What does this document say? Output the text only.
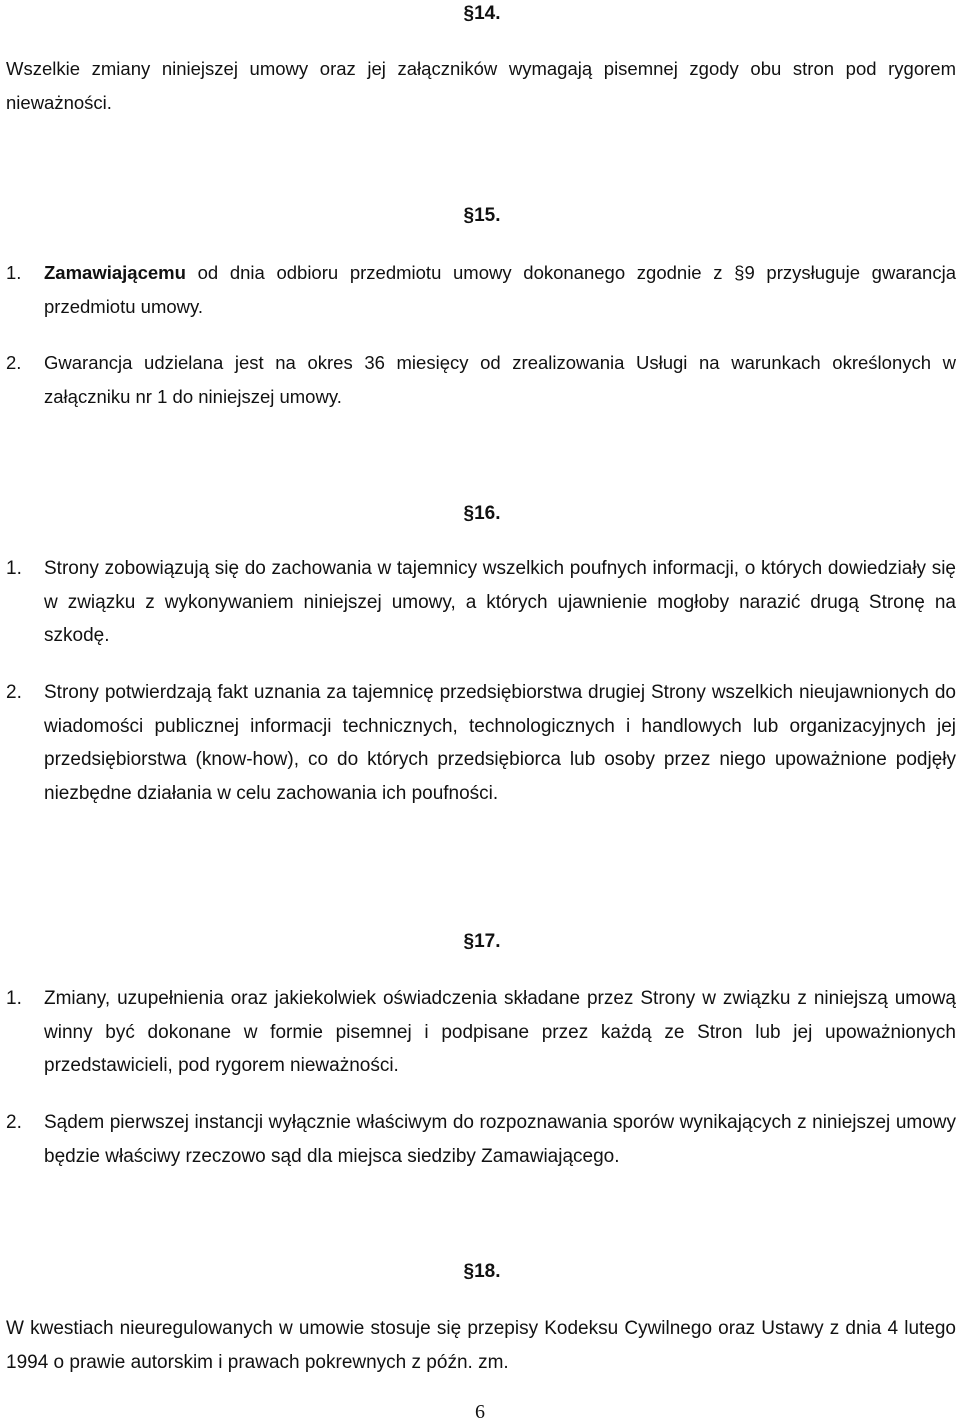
§14.

Wszelkie zmiany niniejszej umowy oraz jej załączników wymagają pisemnej zgody obu stron pod rygorem nieważności.

§15.
1. Zamawiającemu od dnia odbioru przedmiotu umowy dokonanego zgodnie z §9 przysługuje gwarancja przedmiotu umowy.
2. Gwarancja udzielana jest na okres 36 miesięcy od zrealizowania Usługi na warunkach określonych w załączniku nr 1 do niniejszej umowy.
§16.
1. Strony zobowiązują się do zachowania w tajemnicy wszelkich poufnych informacji, o których dowiedziały się w związku z wykonywaniem niniejszej umowy, a których ujawnienie mogłoby narazić drugą Stronę na szkodę.
2. Strony potwierdzają fakt uznania za tajemnicę przedsiębiorstwa drugiej Strony wszelkich nieujawnionych do wiadomości publicznej informacji technicznych, technologicznych i handlowych lub organizacyjnych jej przedsiębiorstwa (know-how), co do których przedsiębiorca lub osoby przez niego upoważnione podjęły niezbędne działania w celu zachowania ich poufności.
§17.
1. Zmiany, uzupełnienia oraz jakiekolwiek oświadczenia składane przez Strony w związku z niniejszą umową winny być dokonane w formie pisemnej i podpisane przez każdą ze Stron lub jej upoważnionych przedstawicieli, pod rygorem nieważności.
2. Sądem pierwszej instancji wyłącznie właściwym do rozpoznawania sporów wynikających z niniejszej umowy będzie właściwy rzeczowo sąd dla miejsca siedziby Zamawiającego.
§18.

W kwestiach nieuregulowanych w umowie stosuje się przepisy Kodeksu Cywilnego oraz Ustawy z dnia 4 lutego 1994 o prawie autorskim i prawach pokrewnych z późn. zm.

6
